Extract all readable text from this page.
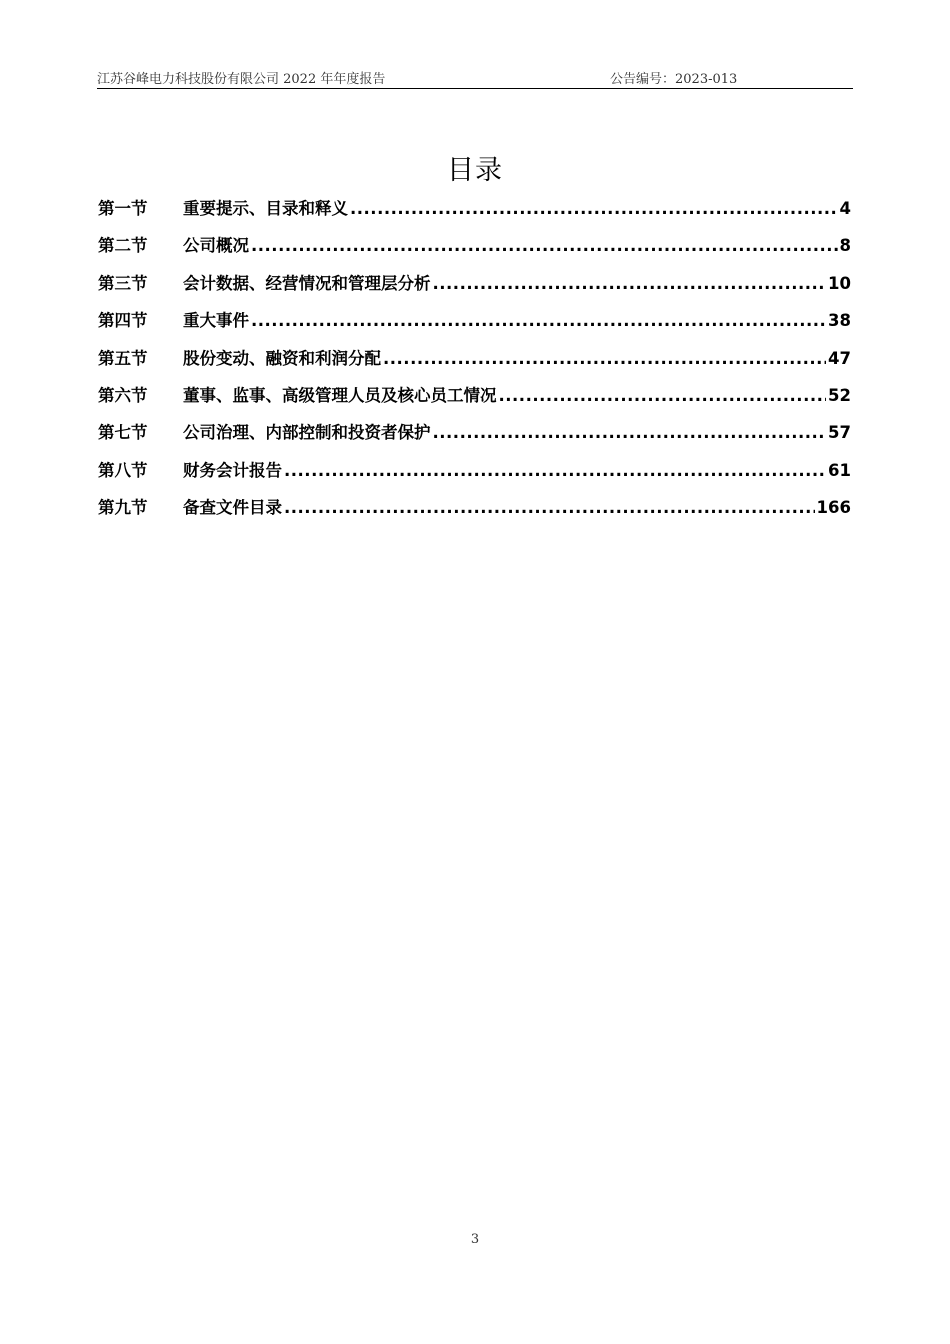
江苏谷峰电力科技股份有限公司 2022 年年度报告	公告编号：2023-013
目录
第一节	重要提示、目录和释义 .....	4
第二节	公司概况 .....	8
第三节	会计数据、经营情况和管理层分析 .....	10
第四节	重大事件 .....	38
第五节	股份变动、融资和利润分配 .....	47
第六节	董事、监事、高级管理人员及核心员工情况 .....	52
第七节	公司治理、内部控制和投资者保护 .....	57
第八节	财务会计报告 .....	61
第九节	备查文件目录 .....	166
3
